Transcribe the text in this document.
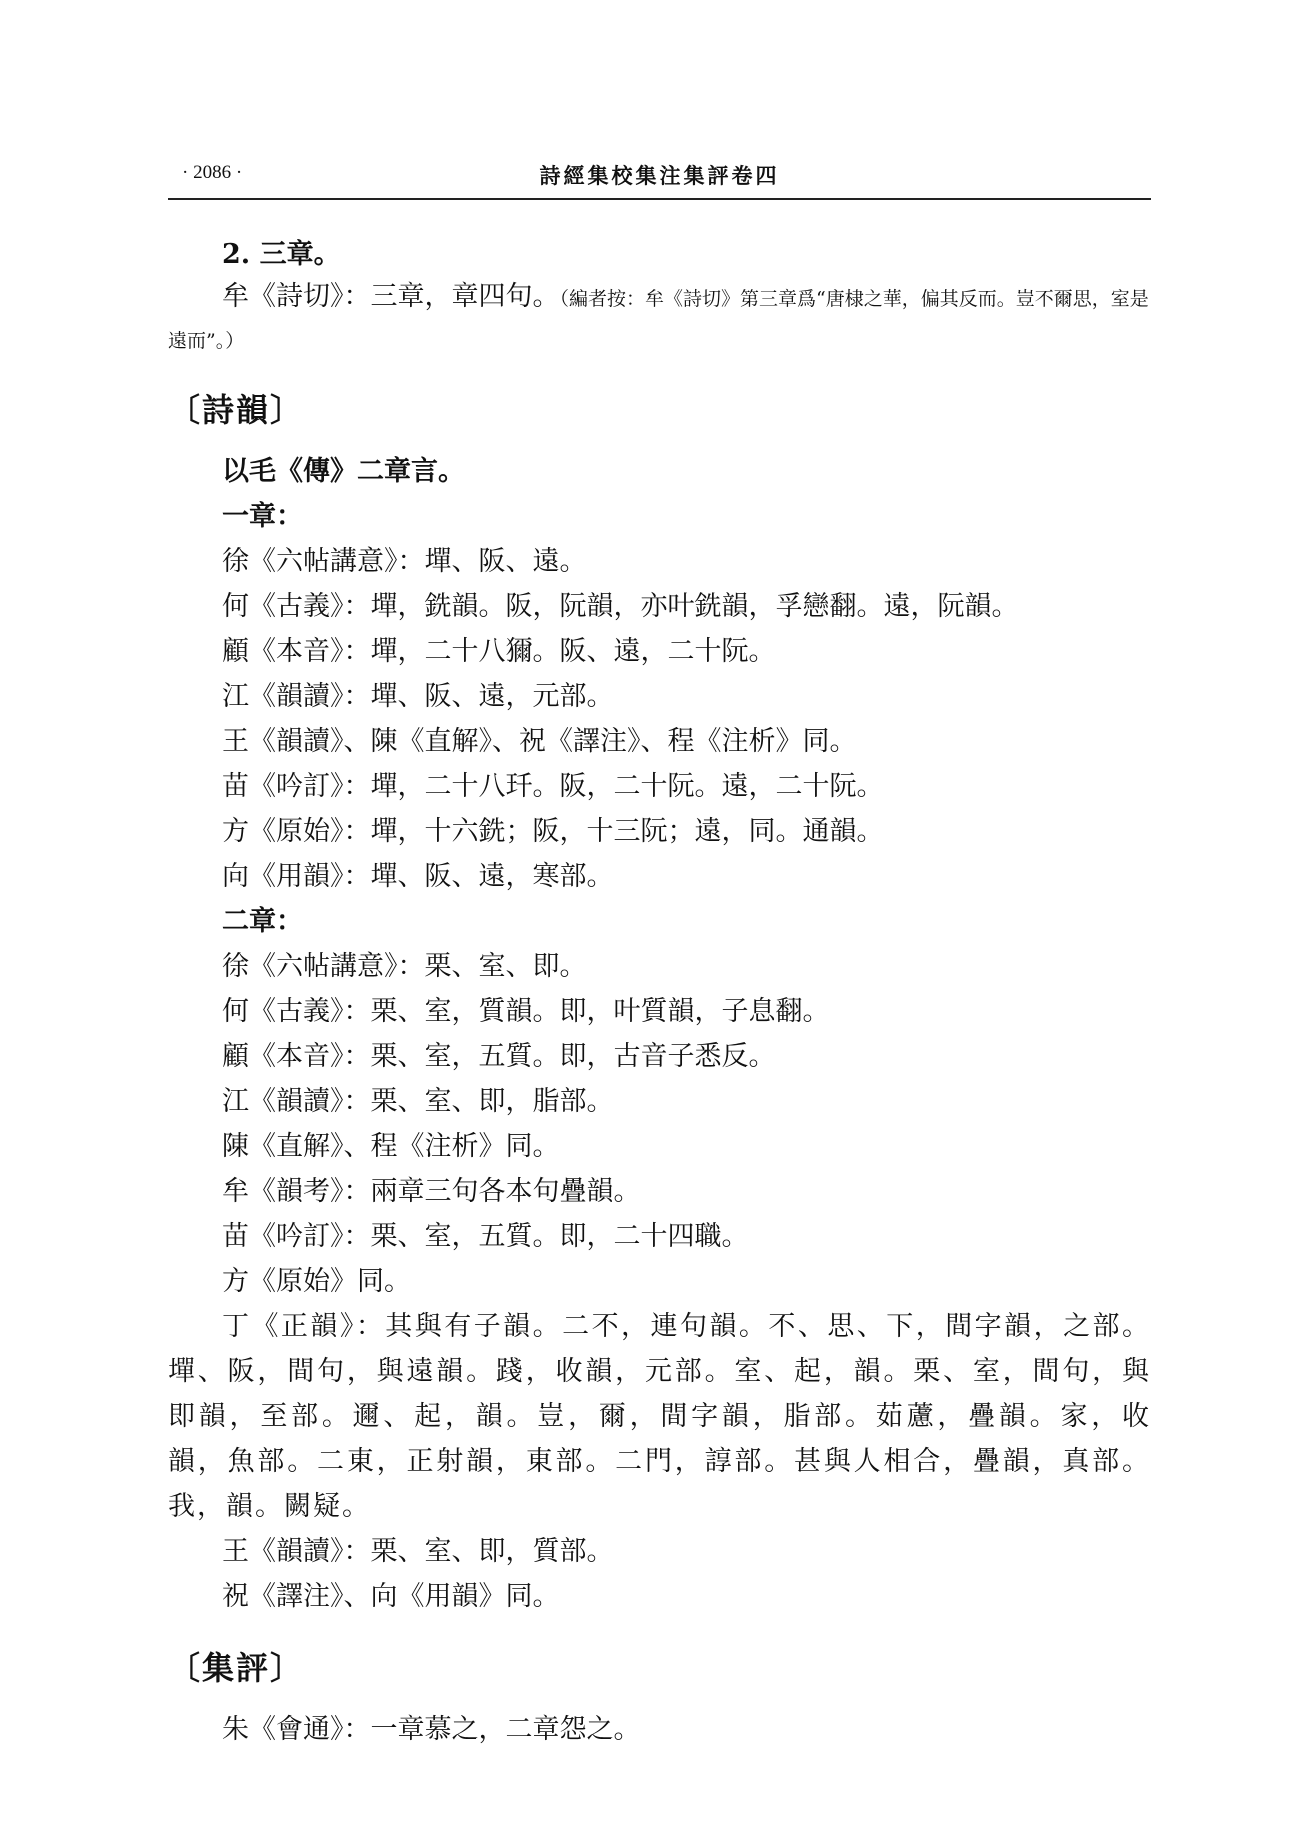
· 2086 ·	詩經集校集注集評卷四
2. 三章。
牟《詩切》：三章，章四句。（編者按：牟《詩切》第三章爲“唐棣之華，偏其反而。豈不爾思，室是遠而”。）
〔詩韻〕
以毛《傳》二章言。
一章：
徐《六帖講意》：墠、阪、遠。
何《古義》：墠，銑韻。阪，阮韻，亦叶銑韻，孚戀翻。遠，阮韻。
顧《本音》：墠，二十八獮。阪、遠，二十阮。
江《韻讀》：墠、阪、遠，元部。
王《韻讀》、陳《直解》、祝《譯注》、程《注析》同。
苗《吟訂》：墠，二十八𤣳。阪，二十阮。遠，二十阮。
方《原始》：墠，十六銑；阪，十三阮；遠，同。通韻。
向《用韻》：墠、阪、遠，寒部。
二章：
徐《六帖講意》：栗、室、即。
何《古義》：栗、室，質韻。即，叶質韻，子息翻。
顧《本音》：栗、室，五質。即，古音子悉反。
江《韻讀》：栗、室、即，脂部。
陳《直解》、程《注析》同。
牟《韻考》：兩章三句各本句疊韻。
苗《吟訂》：栗、室，五質。即，二十四職。
方《原始》同。
丁《正韻》：其與有子韻。二不，連句韻。不、思、下，間字韻，之部。墠、阪，間句，與遠韻。踐，收韻，元部。室、起，韻。栗、室，間句，與即韻，至部。邇、起，韻。豈，爾，間字韻，脂部。茹藘，疊韻。家，收韻，魚部。二東，正射韻，東部。二門，諄部。甚與人相合，疊韻，真部。我，韻。闕疑。
王《韻讀》：栗、室、即，質部。
祝《譯注》、向《用韻》同。
〔集評〕
朱《會通》：一章慕之，二章怨之。
